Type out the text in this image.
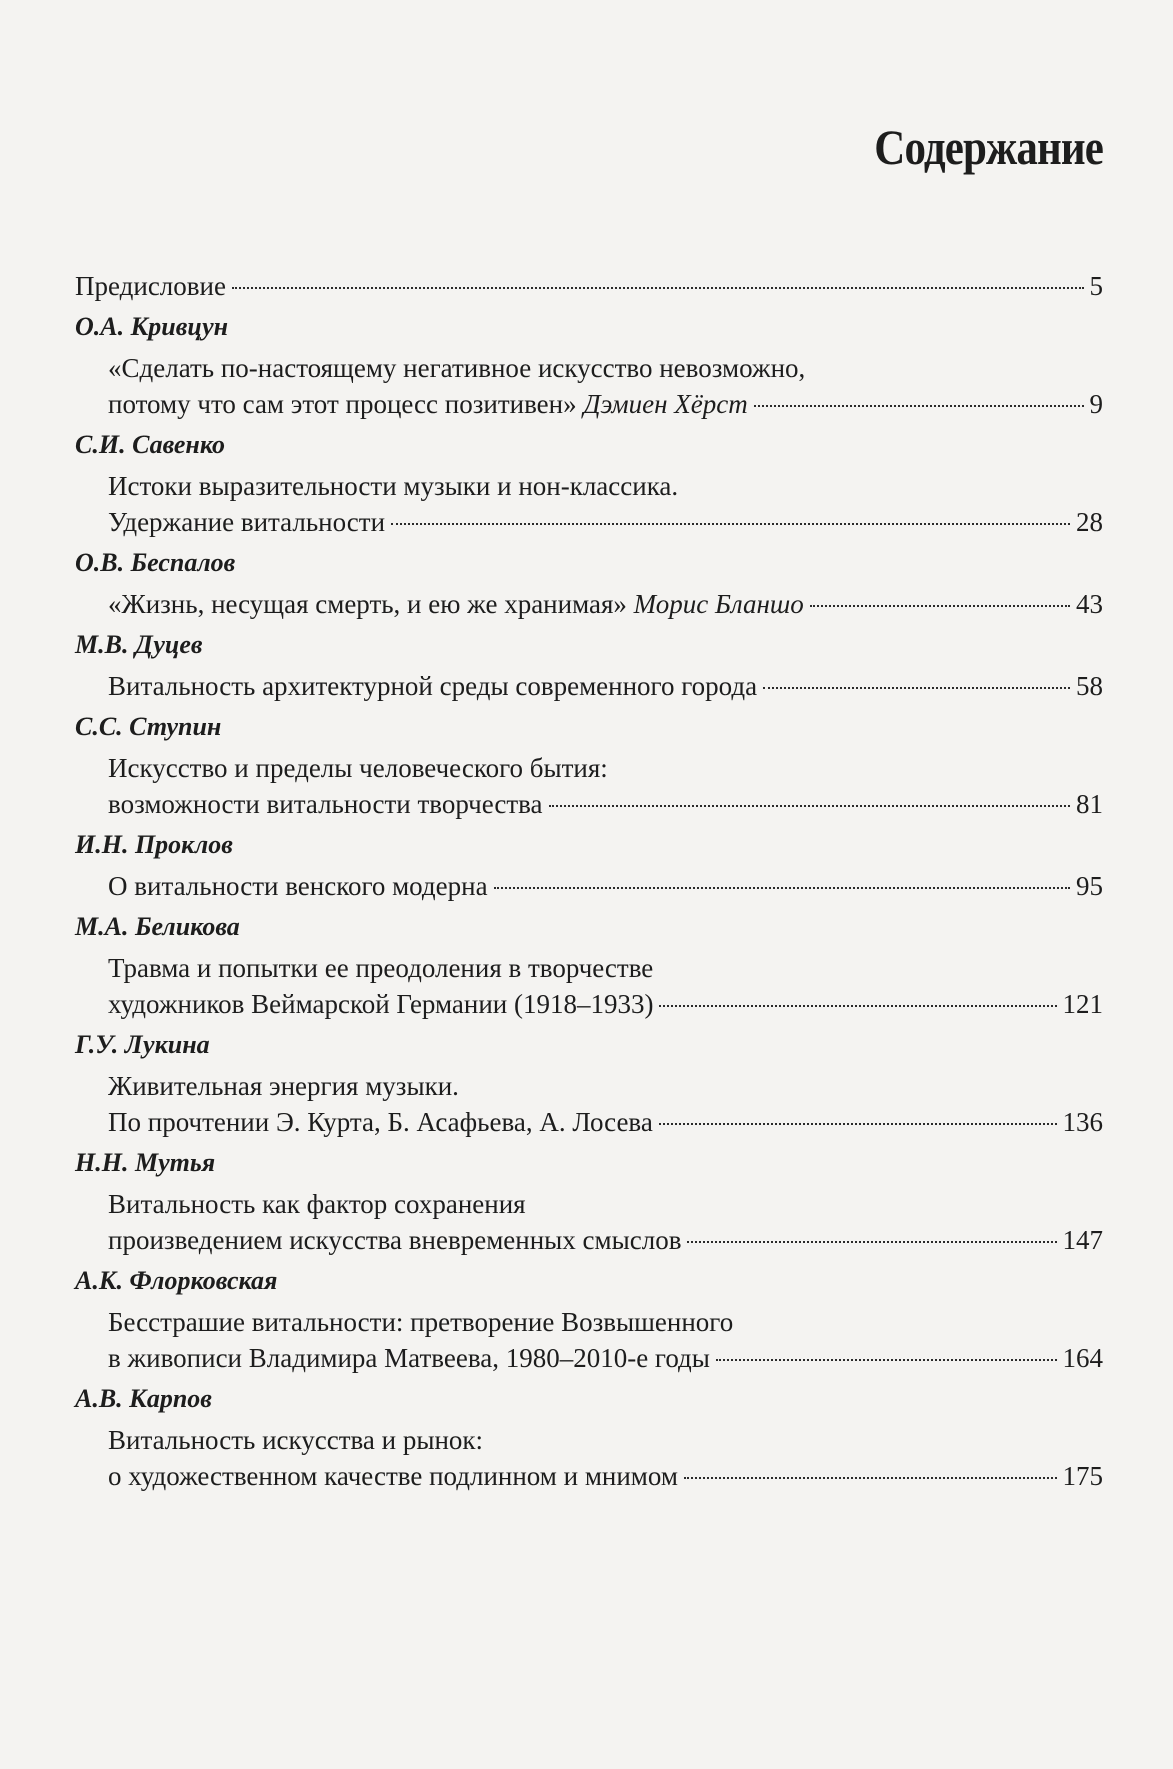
Содержание
Предисловие	5
О.А. Кривцун
«Сделать по-настоящему негативное искусство невозможно,
потому что сам этот процесс позитивен» Дэмиен Хёрст	9
С.И. Савенко
Истоки выразительности музыки и нон-классика.
Удержание витальности	28
О.В. Беспалов
«Жизнь, несущая смерть, и ею же хранимая» Морис Бланшо	43
М.В. Дуцев
Витальность архитектурной среды современного города	58
С.С. Ступин
Искусство и пределы человеческого бытия:
возможности витальности творчества	81
И.Н. Проклов
О витальности венского модерна	95
М.А. Беликова
Травма и попытки ее преодоления в творчестве
художников Веймарской Германии (1918–1933)	121
Г.У. Лукина
Живительная энергия музыки.
По прочтении Э. Курта, Б. Асафьева, А. Лосева	136
Н.Н. Мутья
Витальность как фактор сохранения
произведением искусства вневременных смыслов	147
А.К. Флорковская
Бесстрашие витальности: претворение Возвышенного
в живописи Владимира Матвеева, 1980–2010-е годы	164
А.В. Карпов
Витальность искусства и рынок:
о художественном качестве подлинном и мнимом	175
